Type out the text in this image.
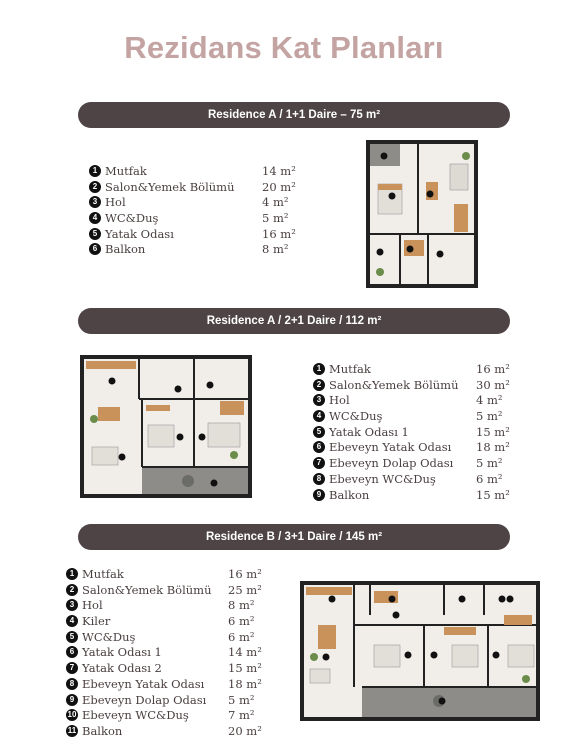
Rezidans Kat Planları
Residence A / 1+1 Daire – 75 m²
1 Mutfak	14 m²
2 Salon&Yemek Bölümü 20 m²
3 Hol	4 m²
4 WC&Duş	5 m²
5 Yatak Odası	16 m²
6 Balkon	8 m²
Residence A / 2+1 Daire / 112 m²
1 Mutfak	16 m²
2 Salon&Yemek Bölümü 30 m²
3 Hol	4 m²
4 WC&Duş	5 m²
5 Yatak Odası 1	15 m²
6 Ebeveyn Yatak Odası 18 m²
7 Ebeveyn Dolap Odası 5 m²
8 Ebeveyn WC&Duş	6 m²
9 Balkon	15 m²
Residence B / 3+1 Daire / 145 m²
1 Mutfak	16 m²
2 Salon&Yemek Bölümü 25 m²
3 Hol	8 m²
4 Kiler	6 m²
5 WC&Duş	6 m²
6 Yatak Odası 1	14 m²
7 Yatak Odası 2	15 m²
8 Ebeveyn Yatak Odası 18 m²
9 Ebeveyn Dolap Odası 5 m²
10 Ebeveyn WC&Duş	7 m²
11 Balkon	20 m²
